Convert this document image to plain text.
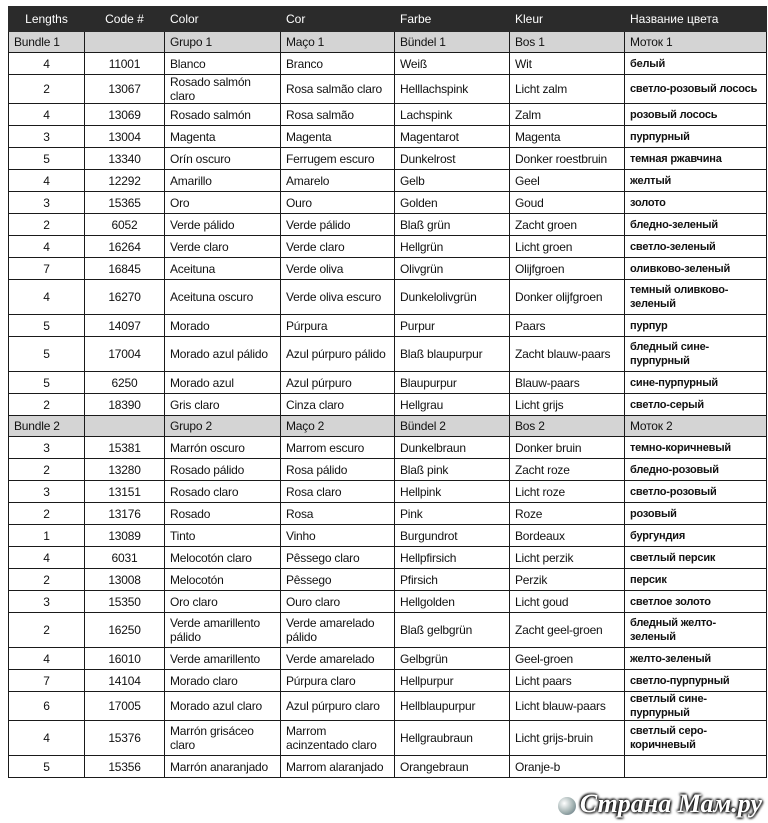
Lengths	Code #	Color	Cor	Farbe	Kleur	Название цвета
Bundle 1		Grupo 1	Maço 1	Bündel 1	Bos 1	Моток 1
4	11001	Blanco	Branco	Weiß	Wit	белый
2	13067	Rosado salmón claro	Rosa salmão claro	Helllachspink	Licht zalm	светло-розовый лосось
4	13069	Rosado salmón	Rosa salmão	Lachspink	Zalm	розовый лосось
3	13004	Magenta	Magenta	Magentarot	Magenta	пурпурный
5	13340	Orín oscuro	Ferrugem escuro	Dunkelrost	Donker roestbruin	темная ржавчина
4	12292	Amarillo	Amarelo	Gelb	Geel	желтый
3	15365	Oro	Ouro	Golden	Goud	золото
2	6052	Verde pálido	Verde pálido	Blaß grün	Zacht groen	бледно-зеленый
4	16264	Verde claro	Verde claro	Hellgrün	Licht groen	светло-зеленый
7	16845	Aceituna	Verde oliva	Olivgrün	Olijfgroen	оливково-зеленый
4	16270	Aceituna oscuro	Verde oliva escuro	Dunkelolivgrün	Donker olijfgroen	темный оливково-зеленый
5	14097	Morado	Púrpura	Purpur	Paars	пурпур
5	17004	Morado azul pálido	Azul púrpuro pálido	Blaß blaupurpur	Zacht blauw-paars	бледный сине-пурпурный
5	6250	Morado azul	Azul púrpuro	Blaupurpur	Blauw-paars	сине-пурпурный
2	18390	Gris claro	Cinza claro	Hellgrau	Licht grijs	светло-серый
Bundle 2		Grupo 2	Maço 2	Bündel 2	Bos 2	Моток 2
3	15381	Marrón oscuro	Marrom escuro	Dunkelbraun	Donker bruin	темно-коричневый
2	13280	Rosado pálido	Rosa pálido	Blaß pink	Zacht roze	бледно-розовый
3	13151	Rosado claro	Rosa claro	Hellpink	Licht roze	светло-розовый
2	13176	Rosado	Rosa	Pink	Roze	розовый
1	13089	Tinto	Vinho	Burgundrot	Bordeaux	бургундия
4	6031	Melocotón claro	Pêssego claro	Hellpfirsich	Licht perzik	светлый персик
2	13008	Melocotón	Pêssego	Pfirsich	Perzik	персик
3	15350	Oro claro	Ouro claro	Hellgolden	Licht goud	светлое золото
2	16250	Verde amarillento pálido	Verde amarelado pálido	Blaß gelbgrün	Zacht geel-groen	бледный желто-зеленый
4	16010	Verde amarillento	Verde amarelado	Gelbgrün	Geel-groen	желто-зеленый
7	14104	Morado claro	Púrpura claro	Hellpurpur	Licht paars	светло-пурпурный
6	17005	Morado azul claro	Azul púrpuro claro	Hellblaupurpur	Licht blauw-paars	светлый сине-пурпурный
4	15376	Marrón grisáceo claro	Marrom acinzentado claro	Hellgraubraun	Licht grijs-bruin	светлый серо-коричневый
5	15356	Marrón anaranjado	Marrom alaranjado	Orangebraun	Oranje-b	

Страна Мам.ру
